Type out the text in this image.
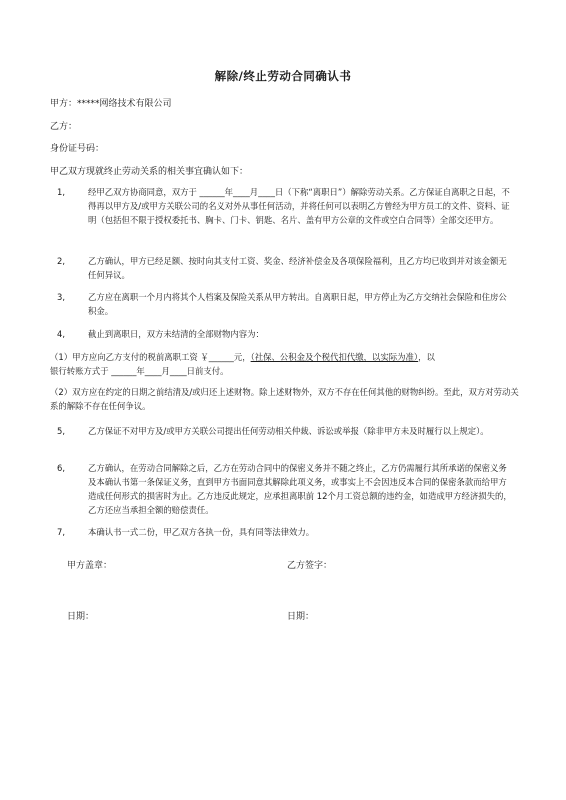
解除/终止劳动合同确认书
甲方：*****网络技术有限公司
乙方：
身份证号码：
甲乙双方现就终止劳动关系的相关事宜确认如下：
1,	经甲乙双方协商同意，双方于 ______年____月____日（下称“离职日”）解除劳动关系。乙方保证自离职之日起，不得再以甲方及/或甲方关联公司的名义对外从事任何活动，并将任何可以表明乙方曾经为甲方员工的文件、资料、证明（包括但不限于授权委托书、胸卡、门卡、钥匙、名片、盖有甲方公章的文件或空白合同等）全部交还甲方。
2,	乙方确认，甲方已经足额、按时向其支付工资、奖金、经济补偿金及各项保险福利，且乙方均已收到并对该金额无任何异议。
3,	乙方应在离职一个月内将其个人档案及保险关系从甲方转出。自离职日起，甲方停止为乙方交纳社会保险和住房公积金。
4,	截止到离职日，双方未结清的全部财物内容为：
（1）甲方应向乙方支付的税前离职工资 ￥______元，（社保、公积金及个税代扣代缴，以实际为准），以
银行转账方式于 ______年____月____日前支付。
（2）双方应在约定的日期之前结清及/或归还上述财物。除上述财物外，双方不存在任何其他的财物纠纷。至此，双方对劳动关系的解除不存在任何争议。
5,	乙方保证不对甲方及/或甲方关联公司提出任何劳动相关仲裁、诉讼或举报（除非甲方未及时履行以上规定）。
6,	乙方确认，在劳动合同解除之后，乙方在劳动合同中的保密义务并不随之终止，乙方仍需履行其所承诺的保密义务及本确认书第一条保证义务，直到甲方书面同意其解除此项义务，或事实上不会因违反本合同的保密条款而给甲方造成任何形式的损害时为止。乙方违反此规定，应承担离职前 12个月工资总额的违约金，如造成甲方经济损失的，乙方还应当承担全额的赔偿责任。
7,	本确认书一式二份，甲乙双方各执一份，具有同等法律效力。
甲方盖章：	乙方签字：
日期：	日期：
